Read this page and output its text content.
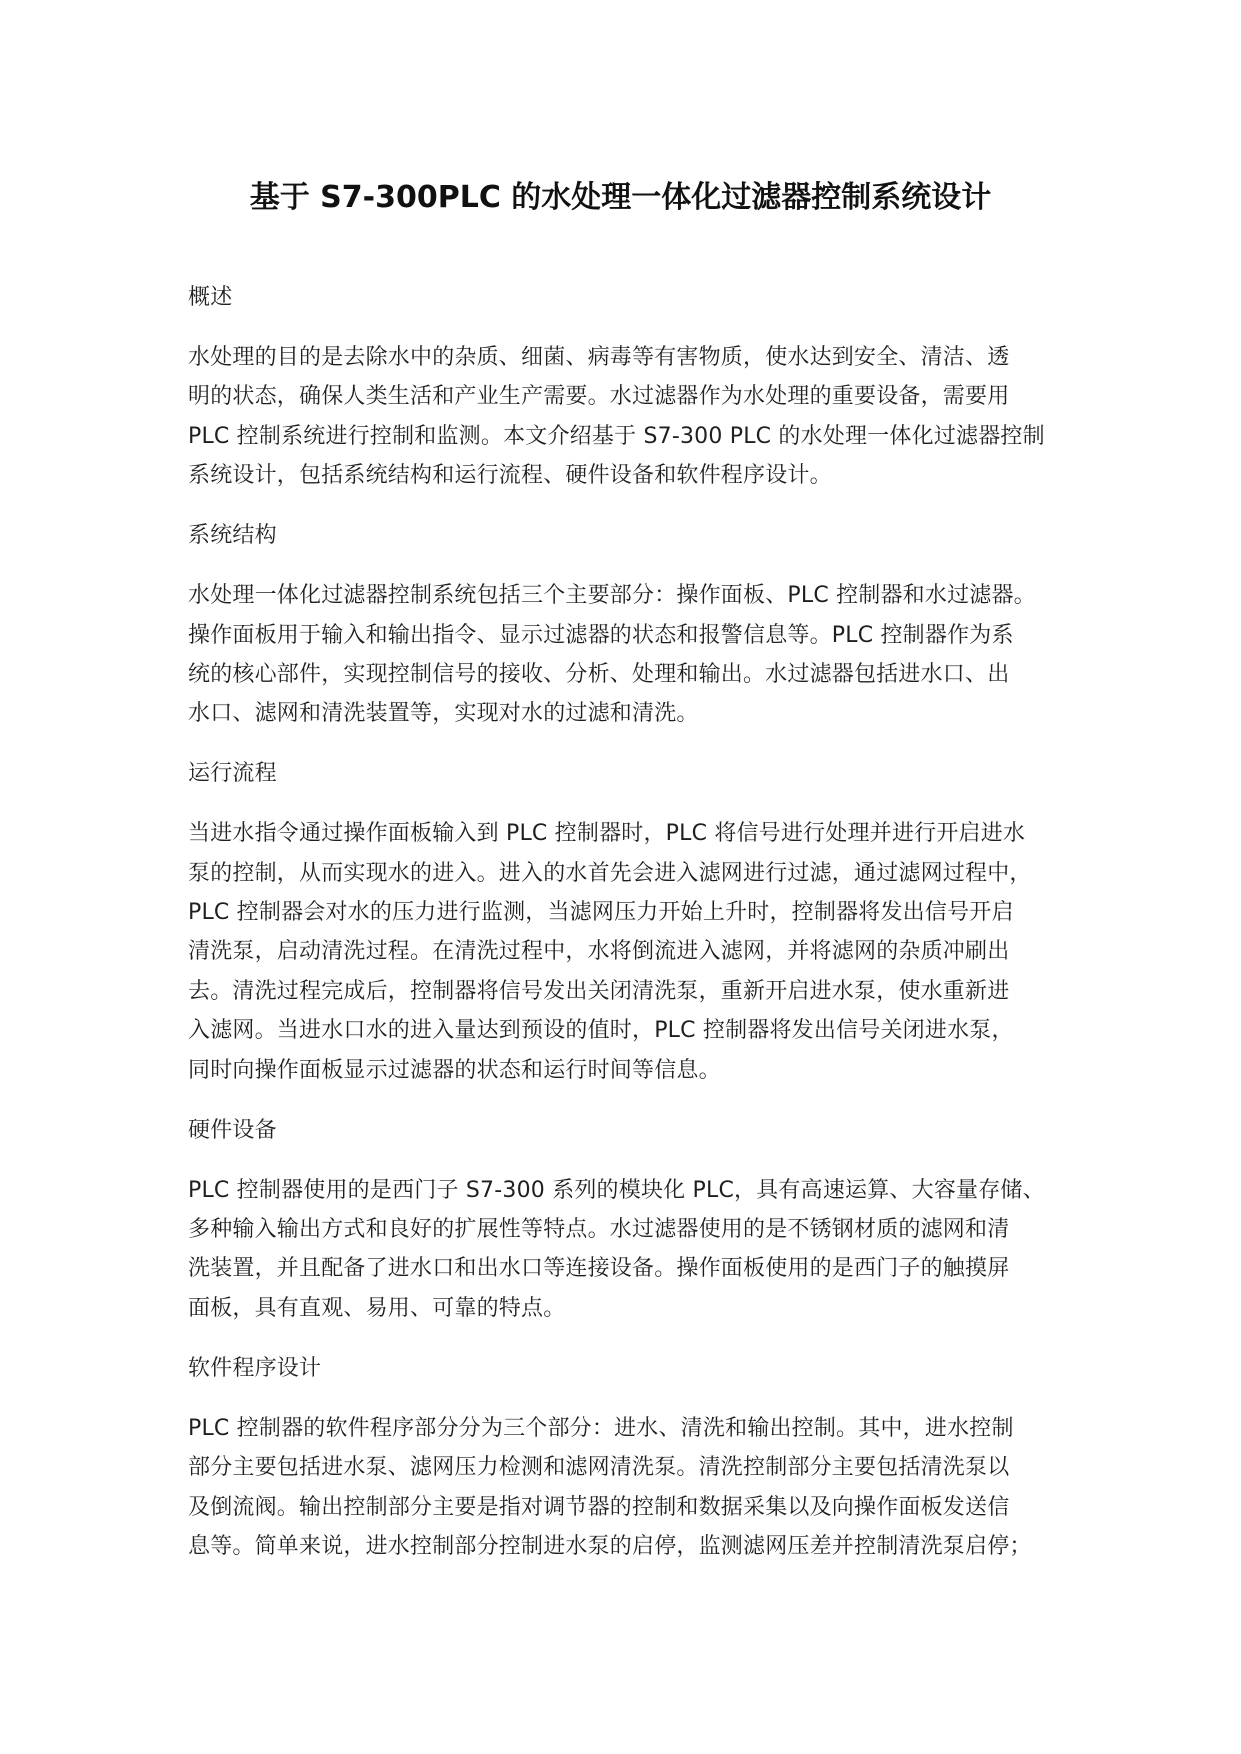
基于 S7-300PLC 的水处理一体化过滤器控制系统设计
概述
水处理的目的是去除水中的杂质、细菌、病毒等有害物质，使水达到安全、清洁、透
明的状态，确保人类生活和产业生产需要。水过滤器作为水处理的重要设备，需要用
PLC 控制系统进行控制和监测。本文介绍基于 S7-300 PLC 的水处理一体化过滤器控制
系统设计，包括系统结构和运行流程、硬件设备和软件程序设计。
系统结构
水处理一体化过滤器控制系统包括三个主要部分：操作面板、PLC 控制器和水过滤器。
操作面板用于输入和输出指令、显示过滤器的状态和报警信息等。PLC 控制器作为系
统的核心部件，实现控制信号的接收、分析、处理和输出。水过滤器包括进水口、出
水口、滤网和清洗装置等，实现对水的过滤和清洗。
运行流程
当进水指令通过操作面板输入到 PLC 控制器时，PLC 将信号进行处理并进行开启进水
泵的控制，从而实现水的进入。进入的水首先会进入滤网进行过滤，通过滤网过程中，
PLC 控制器会对水的压力进行监测，当滤网压力开始上升时，控制器将发出信号开启
清洗泵，启动清洗过程。在清洗过程中，水将倒流进入滤网，并将滤网的杂质冲刷出
去。清洗过程完成后，控制器将信号发出关闭清洗泵，重新开启进水泵，使水重新进
入滤网。当进水口水的进入量达到预设的值时，PLC 控制器将发出信号关闭进水泵，
同时向操作面板显示过滤器的状态和运行时间等信息。
硬件设备
PLC 控制器使用的是西门子 S7-300 系列的模块化 PLC，具有高速运算、大容量存储、
多种输入输出方式和良好的扩展性等特点。水过滤器使用的是不锈钢材质的滤网和清
洗装置，并且配备了进水口和出水口等连接设备。操作面板使用的是西门子的触摸屏
面板，具有直观、易用、可靠的特点。
软件程序设计
PLC 控制器的软件程序部分分为三个部分：进水、清洗和输出控制。其中，进水控制
部分主要包括进水泵、滤网压力检测和滤网清洗泵。清洗控制部分主要包括清洗泵以
及倒流阀。输出控制部分主要是指对调节器的控制和数据采集以及向操作面板发送信
息等。简单来说，进水控制部分控制进水泵的启停，监测滤网压差并控制清洗泵启停；
